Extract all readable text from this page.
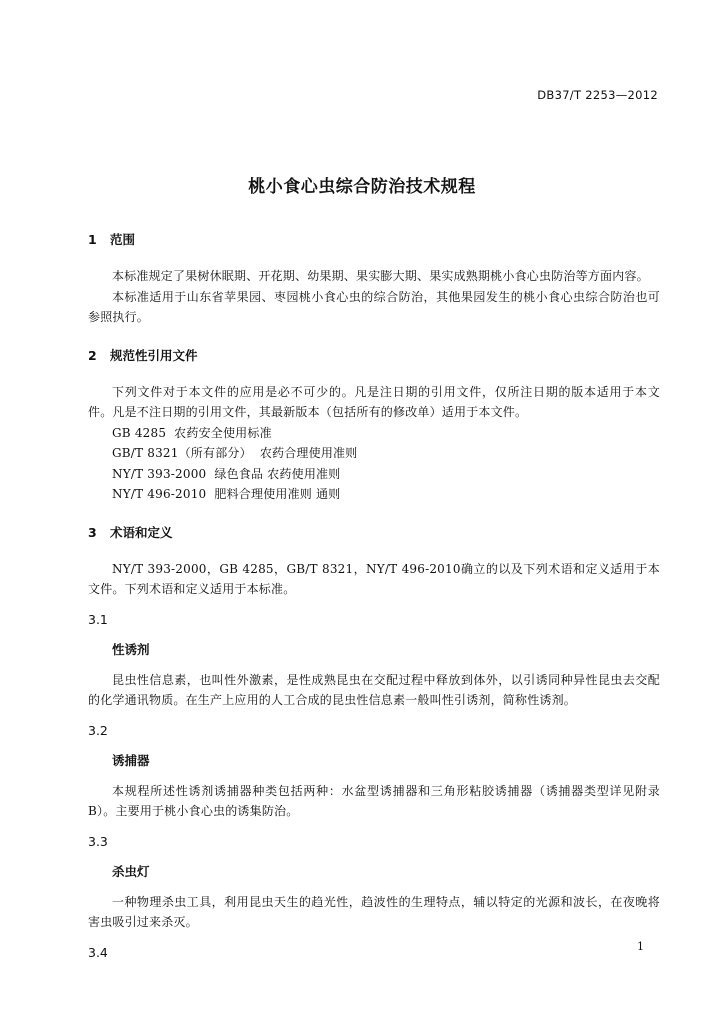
DB37/T 2253—2012
桃小食心虫综合防治技术规程
1 范围
本标准规定了果树休眠期、开花期、幼果期、果实膨大期、果实成熟期桃小食心虫防治等方面内容。
本标准适用于山东省苹果园、枣园桃小食心虫的综合防治，其他果园发生的桃小食心虫综合防治也可参照执行。
2 规范性引用文件
下列文件对于本文件的应用是必不可少的。凡是注日期的引用文件，仅所注日期的版本适用于本文件。凡是不注日期的引用文件，其最新版本（包括所有的修改单）适用于本文件。
GB 4285  农药安全使用标准
GB/T 8321（所有部分）  农药合理使用准则
NY/T 393-2000  绿色食品 农药使用准则
NY/T 496-2010  肥料合理使用准则 通则
3 术语和定义
NY/T 393-2000，GB 4285，GB/T 8321，NY/T 496-2010确立的以及下列术语和定义适用于本文件。下列术语和定义适用于本标准。
3.1
性诱剂
昆虫性信息素，也叫性外激素，是性成熟昆虫在交配过程中释放到体外，以引诱同种异性昆虫去交配的化学通讯物质。在生产上应用的人工合成的昆虫性信息素一般叫性引诱剂，简称性诱剂。
3.2
诱捕器
本规程所述性诱剂诱捕器种类包括两种：水盆型诱捕器和三角形粘胶诱捕器（诱捕器类型详见附录B）。主要用于桃小食心虫的诱集防治。
3.3
杀虫灯
一种物理杀虫工具，利用昆虫天生的趋光性，趋波性的生理特点，辅以特定的光源和波长，在夜晚将害虫吸引过来杀灭。
3.4	1
